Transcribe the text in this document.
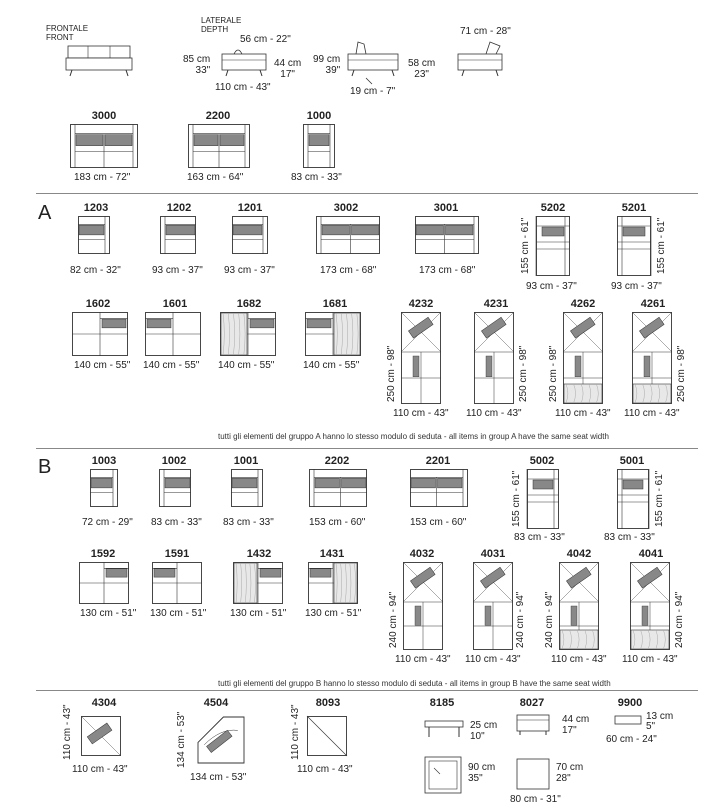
FRONTALE
FRONT
LATERALE
DEPTH
56 cm - 22"
85 cm
33"
44 cm
17"
110 cm - 43"
99 cm
39"
58 cm
23"
19 cm - 7"
71 cm - 28"
3000
183 cm - 72"
2200
163 cm - 64"
1000
83 cm - 33"
A
tutti gli elementi del gruppo A hanno lo stesso modulo di seduta - all items in group A have the same seat width
B
tutti gli elementi del gruppo B hanno lo stesso modulo di seduta - all items in group B have the same seat width
8185
25 cm
10"
8027
44 cm
17"
9900
13 cm
5"
60 cm - 24"
90 cm
35"
70 cm
28"
80 cm - 31"
1203
82 cm - 32"
1202
93 cm - 37"
1201
93 cm - 37"
3002
173 cm - 68"
3001
173 cm - 68"
5202
155 cm - 61"
93 cm - 37"
5201
155 cm - 61"
93 cm - 37"
1003
72 cm - 29"
1002
83 cm - 33"
1001
83 cm - 33"
2202
153 cm - 60"
2201
153 cm - 60"
5002
155 cm - 61"
83 cm - 33"
5001
155 cm - 61"
83 cm - 33"
1602
140 cm - 55"
1601
140 cm - 55"
1682
140 cm - 55"
1681
140 cm - 55"
4232
250 cm - 98"
110 cm - 43"
4231
250 cm - 98"
110 cm - 43"
4262
250 cm - 98"
110 cm - 43"
4261
250 cm - 98"
110 cm - 43"
1592
130 cm - 51"
1591
130 cm - 51"
1432
130 cm - 51"
1431
130 cm - 51"
4032
240 cm - 94"
110 cm - 43"
4031
240 cm - 94"
110 cm - 43"
4042
240 cm - 94"
110 cm - 43"
4041
240 cm - 94"
110 cm - 43"
4304
110 cm - 43"
110 cm - 43"
4504
134 cm - 53"
134 cm - 53"
8093
110 cm - 43"
110 cm - 43"
